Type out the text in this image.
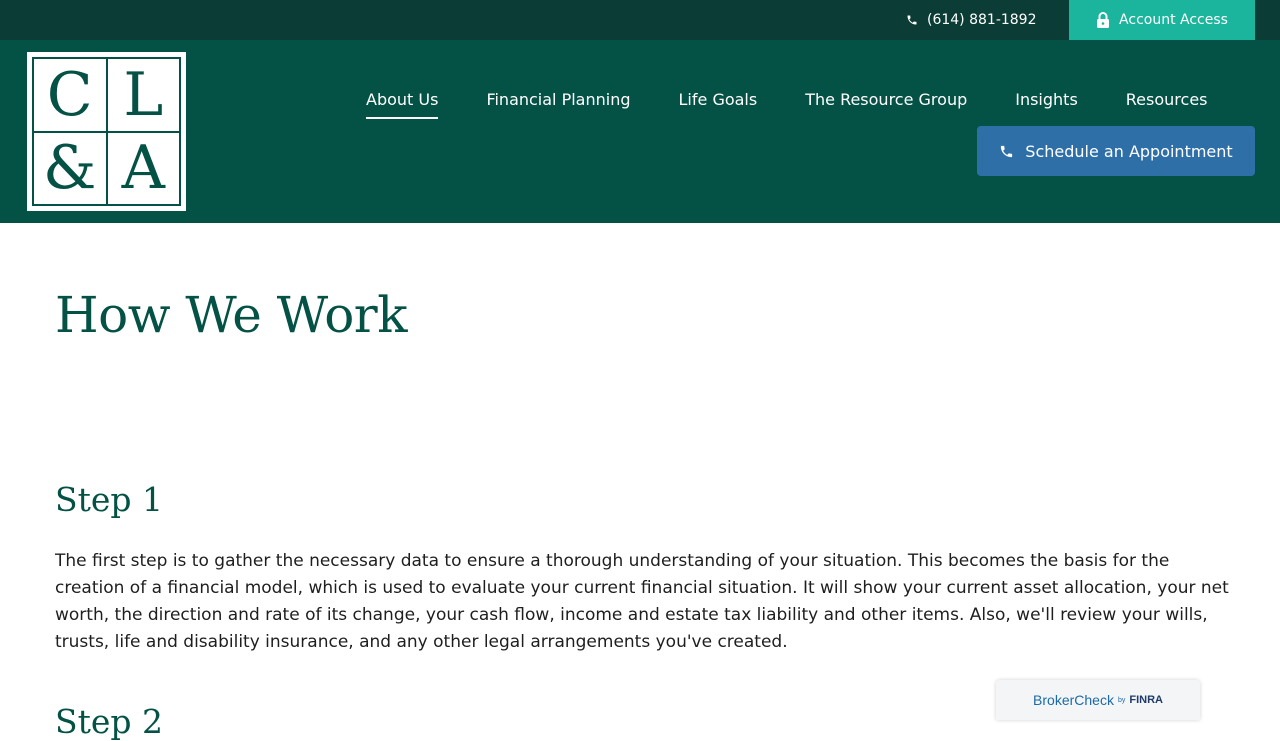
(614) 881-1892	Account Access
C L
& A
About Us	Financial Planning	Life Goals	The Resource Group	Insights	Resources
Schedule an Appointment
How We Work
Step 1

The first step is to gather the necessary data to ensure a thorough understanding of your situation. This becomes the basis for the creation of a financial model, which is used to evaluate your current financial situation. It will show your current asset allocation, your net worth, the direction and rate of its change, your cash flow, income and estate tax liability and other items. Also, we'll review your wills, trusts, life and disability insurance, and any other legal arrangements you've created.

Step 2
BrokerCheck by FINRA
